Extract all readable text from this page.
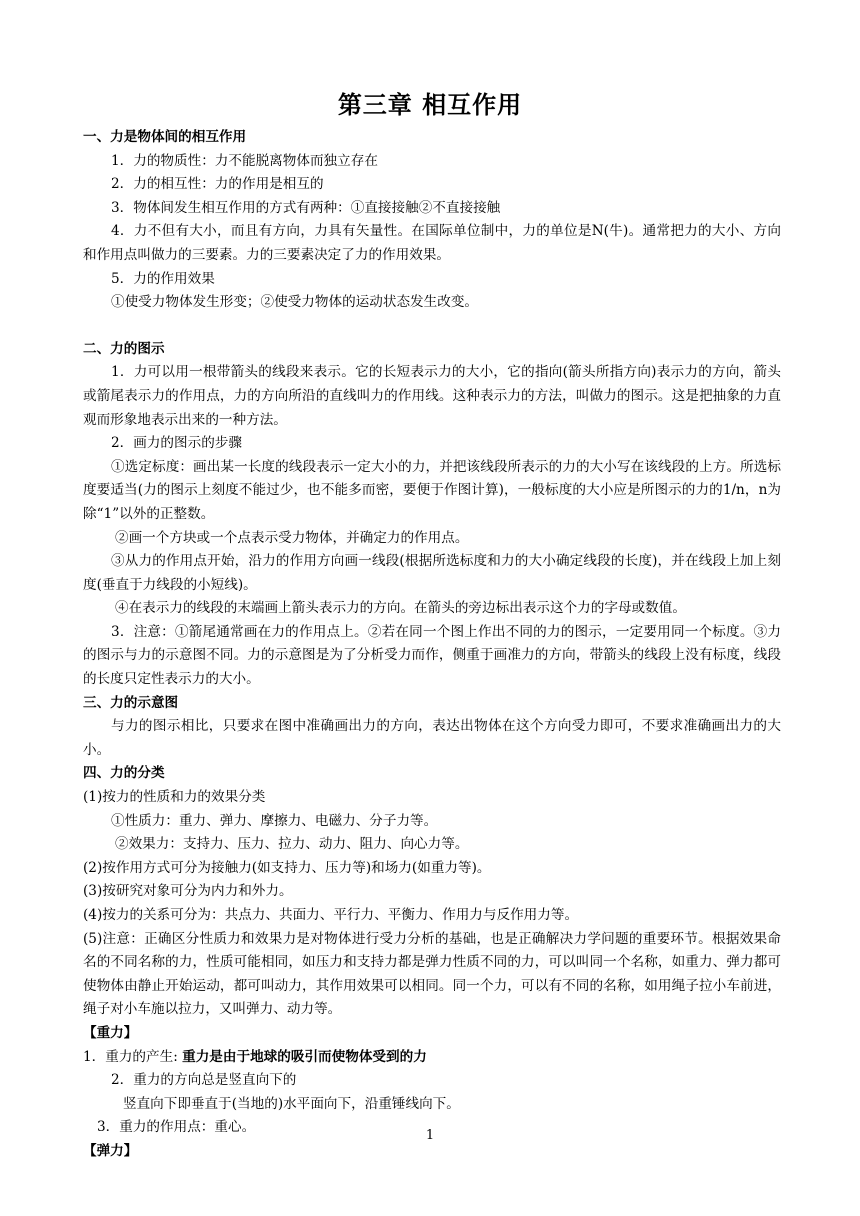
第三章 相互作用

一、力是物体间的相互作用

1．力的物质性：力不能脱离物体而独立存在

2．力的相互性：力的作用是相互的

3．物体间发生相互作用的方式有两种：①直接接触②不直接接触

4．力不但有大小，而且有方向，力具有矢量性。在国际单位制中，力的单位是N(牛)。通常把力的大小、方向和作用点叫做力的三要素。力的三要素决定了力的作用效果。

5．力的作用效果

①使受力物体发生形变；②使受力物体的运动状态发生改变。

二、力的图示

1．力可以用一根带箭头的线段来表示。它的长短表示力的大小，它的指向(箭头所指方向)表示力的方向，箭头或箭尾表示力的作用点，力的方向所沿的直线叫力的作用线。这种表示力的方法，叫做力的图示。这是把抽象的力直观而形象地表示出来的一种方法。

2．画力的图示的步骤

①选定标度：画出某一长度的线段表示一定大小的力，并把该线段所表示的力的大小写在该线段的上方。所选标度要适当(力的图示上刻度不能过少，也不能多而密，要便于作图计算)，一般标度的大小应是所图示的力的1/n，n为除“1”以外的正整数。

②画一个方块或一个点表示受力物体，并确定力的作用点。

③从力的作用点开始，沿力的作用方向画一线段(根据所选标度和力的大小确定线段的长度)，并在线段上加上刻度(垂直于力线段的小短线)。

④在表示力的线段的末端画上箭头表示力的方向。在箭头的旁边标出表示这个力的字母或数值。

3．注意：①箭尾通常画在力的作用点上。②若在同一个图上作出不同的力的图示，一定要用同一个标度。③力的图示与力的示意图不同。力的示意图是为了分析受力而作，侧重于画准力的方向，带箭头的线段上没有标度，线段的长度只定性表示力的大小。

三、力的示意图

与力的图示相比，只要求在图中准确画出力的方向，表达出物体在这个方向受力即可，不要求准确画出力的大小。

四、力的分类

(1)按力的性质和力的效果分类

①性质力：重力、弹力、摩擦力、电磁力、分子力等。

②效果力：支持力、压力、拉力、动力、阻力、向心力等。

(2)按作用方式可分为接触力(如支持力、压力等)和场力(如重力等)。

(3)按研究对象可分为内力和外力。

(4)按力的关系可分为：共点力、共面力、平行力、平衡力、作用力与反作用力等。

(5)注意：正确区分性质力和效果力是对物体进行受力分析的基础，也是正确解决力学问题的重要环节。根据效果命名的不同名称的力，性质可能相同，如压力和支持力都是弹力性质不同的力，可以叫同一个名称，如重力、弹力都可使物体由静止开始运动，都可叫动力，其作用效果可以相同。同一个力，可以有不同的名称，如用绳子拉小车前进，绳子对小车施以拉力，又叫弹力、动力等。

【重力】

1．重力的产生: 重力是由于地球的吸引而使物体受到的力

2．重力的方向总是竖直向下的

竖直向下即垂直于(当地的)水平面向下，沿重锤线向下。

3．重力的作用点：重心。

【弹力】

1
